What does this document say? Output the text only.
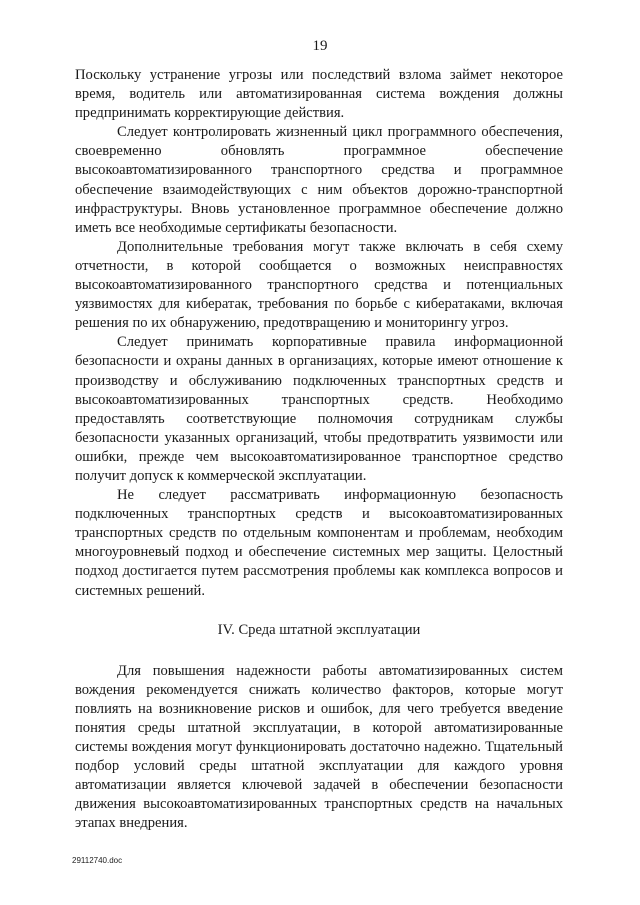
19

Поскольку устранение угрозы или последствий взлома займет некоторое время, водитель или автоматизированная система вождения должны предпринимать корректирующие действия.

Следует контролировать жизненный цикл программного обеспечения, своевременно обновлять программное обеспечение высокоавтоматизированного транспортного средства и программное обеспечение взаимодействующих с ним объектов дорожно-транспортной инфраструктуры. Вновь установленное программное обеспечение должно иметь все необходимые сертификаты безопасности.

Дополнительные требования могут также включать в себя схему отчетности, в которой сообщается о возможных неисправностях высокоавтоматизированного транспортного средства и потенциальных уязвимостях для кибератак, требования по борьбе с кибератаками, включая решения по их обнаружению, предотвращению и мониторингу угроз.

Следует принимать корпоративные правила информационной безопасности и охраны данных в организациях, которые имеют отношение к производству и обслуживанию подключенных транспортных средств и высокоавтоматизированных транспортных средств. Необходимо предоставлять соответствующие полномочия сотрудникам службы безопасности указанных организаций, чтобы предотвратить уязвимости или ошибки, прежде чем высокоавтоматизированное транспортное средство получит допуск к коммерческой эксплуатации.

Не следует рассматривать информационную безопасность подключенных транспортных средств и высокоавтоматизированных транспортных средств по отдельным компонентам и проблемам, необходим многоуровневый подход и обеспечение системных мер защиты. Целостный подход достигается путем рассмотрения проблемы как комплекса вопросов и системных решений.

IV. Среда штатной эксплуатации

Для повышения надежности работы автоматизированных систем вождения рекомендуется снижать количество факторов, которые могут повлиять на возникновение рисков и ошибок, для чего требуется введение понятия среды штатной эксплуатации, в которой автоматизированные системы вождения могут функционировать достаточно надежно. Тщательный подбор условий среды штатной эксплуатации для каждого уровня автоматизации является ключевой задачей в обеспечении безопасности движения высокоавтоматизированных транспортных средств на начальных этапах внедрения.

29112740.doc
